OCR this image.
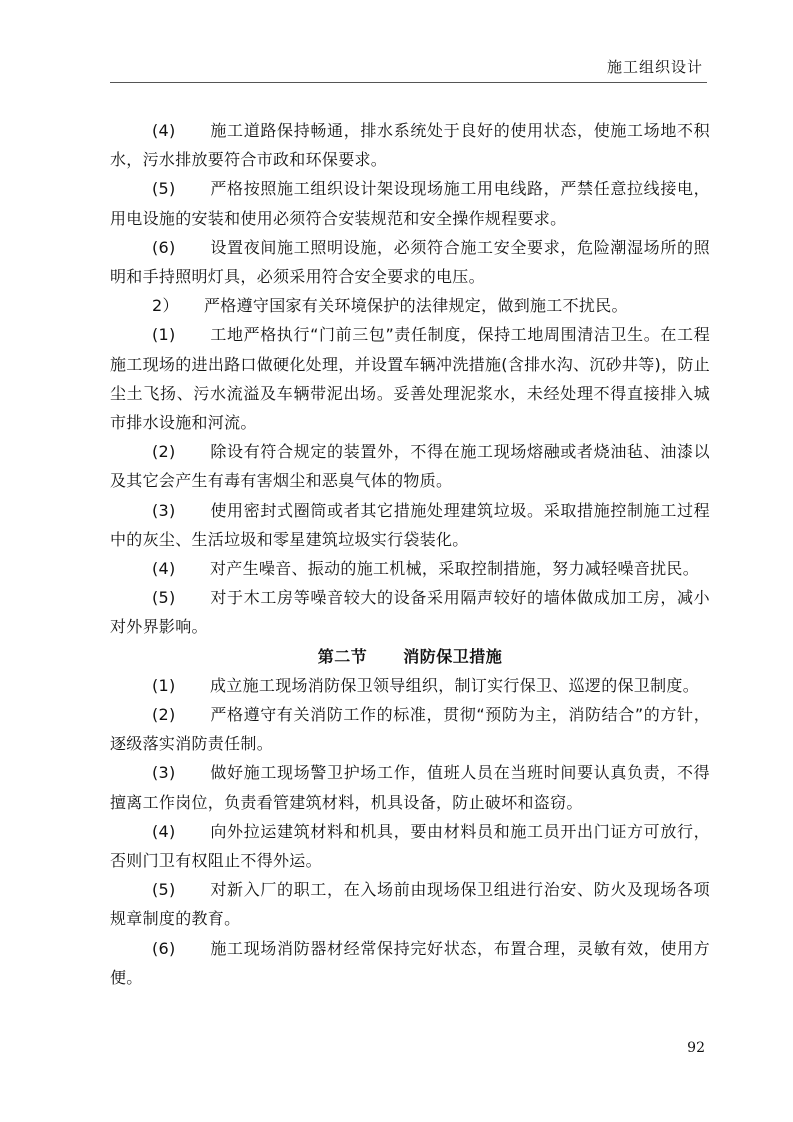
施工组织设计

(4) 施工道路保持畅通，排水系统处于良好的使用状态，使施工场地不积水，污水排放要符合市政和环保要求。

(5) 严格按照施工组织设计架设现场施工用电线路，严禁任意拉线接电，用电设施的安装和使用必须符合安装规范和安全操作规程要求。

(6) 设置夜间施工照明设施，必须符合施工安全要求，危险潮湿场所的照明和手持照明灯具，必须采用符合安全要求的电压。

2） 严格遵守国家有关环境保护的法律规定，做到施工不扰民。

(1) 工地严格执行“门前三包”责任制度，保持工地周围清洁卫生。在工程施工现场的进出路口做硬化处理，并设置车辆冲洗措施(含排水沟、沉砂井等)，防止尘土飞扬、污水流溢及车辆带泥出场。妥善处理泥浆水，未经处理不得直接排入城市排水设施和河流。

(2) 除设有符合规定的装置外，不得在施工现场熔融或者烧油毡、油漆以及其它会产生有毒有害烟尘和恶臭气体的物质。

(3) 使用密封式圈筒或者其它措施处理建筑垃圾。采取措施控制施工过程中的灰尘、生活垃圾和零星建筑垃圾实行袋装化。

(4) 对产生噪音、振动的施工机械，采取控制措施，努力减轻噪音扰民。

(5) 对于木工房等噪音较大的设备采用隔声较好的墙体做成加工房，减小对外界影响。

第二节 消防保卫措施

(1) 成立施工现场消防保卫领导组织，制订实行保卫、巡逻的保卫制度。

(2) 严格遵守有关消防工作的标准，贯彻“预防为主，消防结合”的方针，逐级落实消防责任制。

(3) 做好施工现场警卫护场工作，值班人员在当班时间要认真负责，不得擅离工作岗位，负责看管建筑材料，机具设备，防止破坏和盗窃。

(4) 向外拉运建筑材料和机具，要由材料员和施工员开出门证方可放行，否则门卫有权阻止不得外运。

(5) 对新入厂的职工，在入场前由现场保卫组进行治安、防火及现场各项规章制度的教育。

(6) 施工现场消防器材经常保持完好状态，布置合理，灵敏有效，使用方便。

92
